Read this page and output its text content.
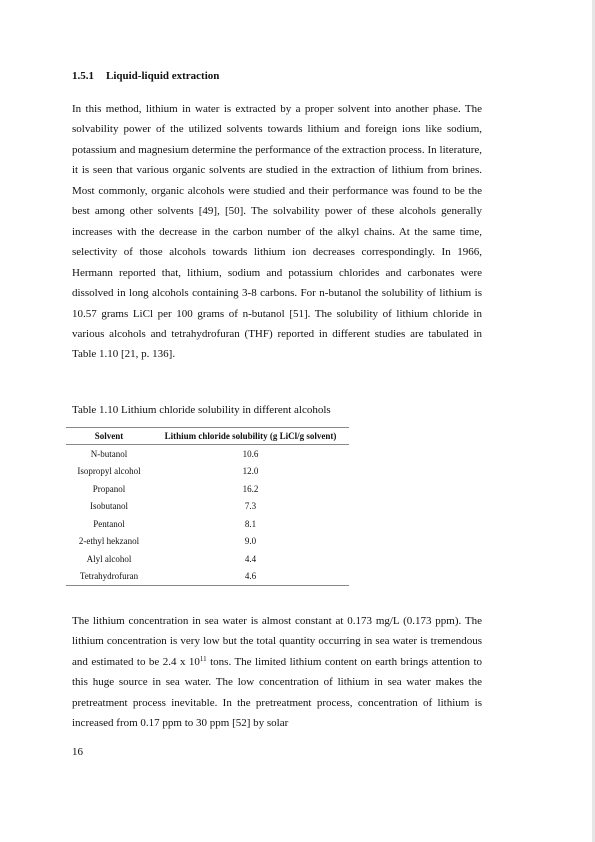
1.5.1 Liquid-liquid extraction

In this method, lithium in water is extracted by a proper solvent into another phase. The solvability power of the utilized solvents towards lithium and foreign ions like sodium, potassium and magnesium determine the performance of the extraction process. In literature, it is seen that various organic solvents are studied in the extraction of lithium from brines. Most commonly, organic alcohols were studied and their performance was found to be the best among other solvents [49], [50]. The solvability power of these alcohols generally increases with the decrease in the carbon number of the alkyl chains. At the same time, selectivity of those alcohols towards lithium ion decreases correspondingly. In 1966, Hermann reported that, lithium, sodium and potassium chlorides and carbonates were dissolved in long alcohols containing 3-8 carbons. For n-butanol the solubility of lithium is 10.57 grams LiCl per 100 grams of n-butanol [51]. The solubility of lithium chloride in various alcohols and tetrahydrofuran (THF) reported in different studies are tabulated in Table 1.10 [21, p. 136].

Table 1.10 Lithium chloride solubility in different alcohols
Solvent	Lithium chloride solubility (g LiCl/g solvent)
N-butanol	10.6
Isopropyl alcohol	12.0
Propanol	16.2
Isobutanol	7.3
Pentanol	8.1
2-ethyl hekzanol	9.0
Alyl alcohol	4.4
Tetrahydrofuran	4.6

The lithium concentration in sea water is almost constant at 0.173 mg/L (0.173 ppm). The lithium concentration is very low but the total quantity occurring in sea water is tremendous and estimated to be 2.4 x $10^{11}$ tons. The limited lithium content on earth brings attention to this huge source in sea water. The low concentration of lithium in sea water makes the pretreatment process inevitable. In the pretreatment process, concentration of lithium is increased from 0.17 ppm to 30 ppm [52] by solar

16
